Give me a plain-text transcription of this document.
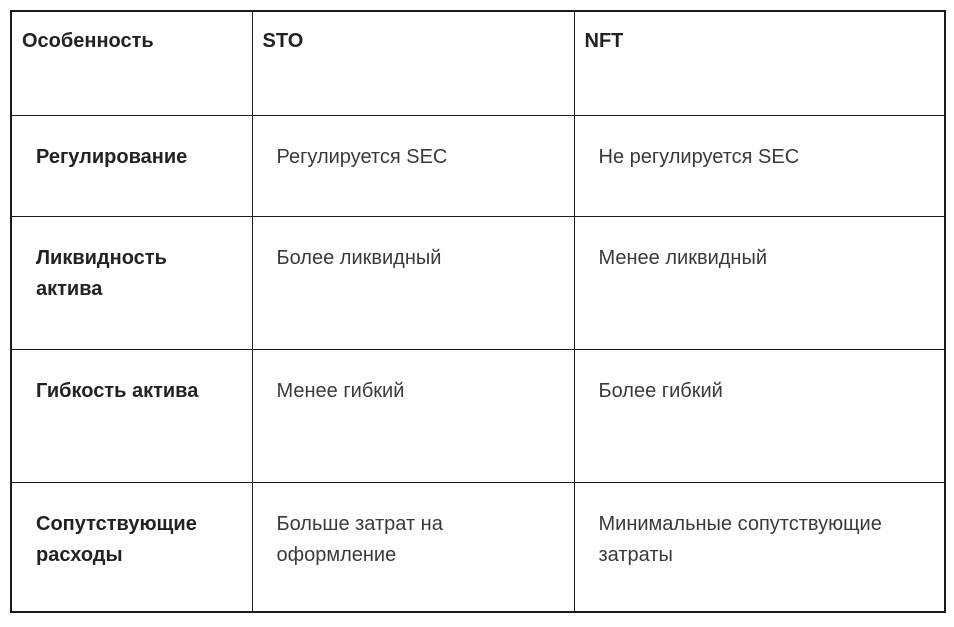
Особенность	STO	NFT
Регулирование	Регулируется SEC	Не регулируется SEC
Ликвидность актива	Более ликвидный	Менее ликвидный
Гибкость актива	Менее гибкий	Более гибкий
Сопутствующие расходы	Больше затрат на оформление	Минимальные сопутствующие затраты
